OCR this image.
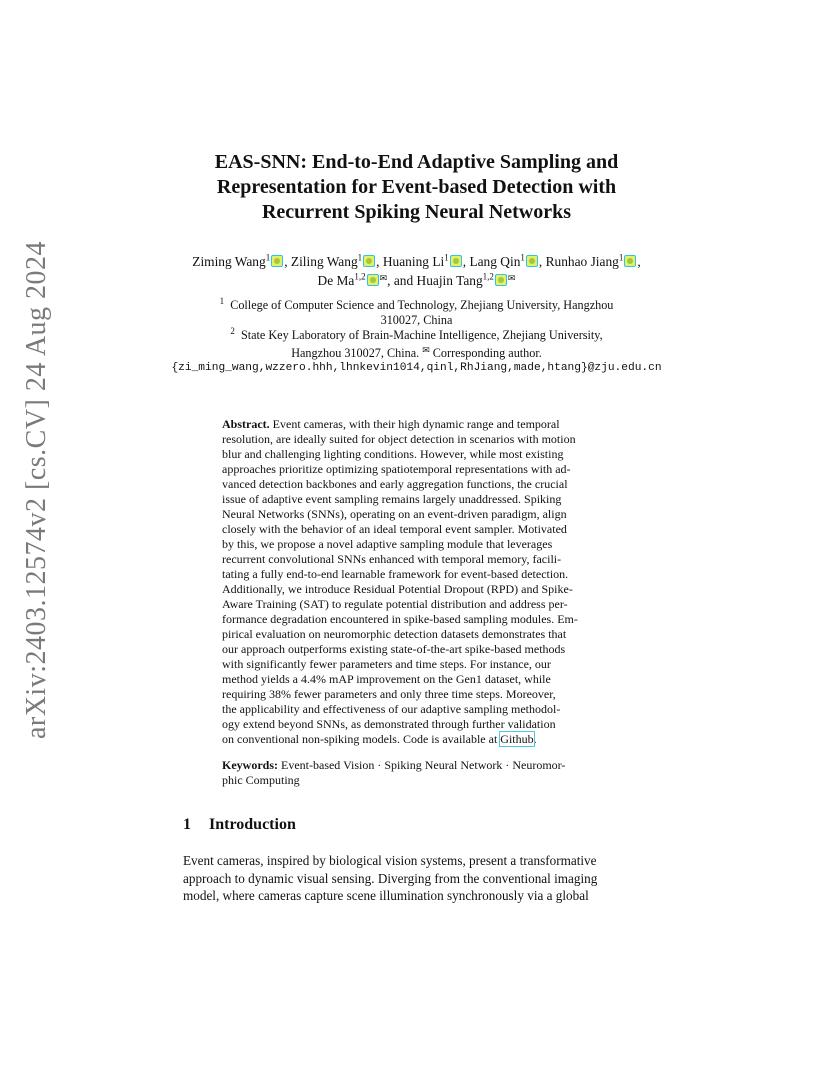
arXiv:2403.12574v2 [cs.CV] 24 Aug 2024
EAS-SNN: End-to-End Adaptive Sampling and
Representation for Event-based Detection with
Recurrent Spiking Neural Networks
Ziming Wang$^1$ , Ziling Wang$^1$ , Huaning Li$^1$ , Lang Qin$^1$ , Runhao Jiang$^1$ ,
De Ma$^{1,2}$ ✉, and Huajin Tang$^{1,2}$ ✉
$^1$ College of Computer Science and Technology, Zhejiang University, Hangzhou
310027, China
$^2$ State Key Laboratory of Brain-Machine Intelligence, Zhejiang University,
Hangzhou 310027, China. ✉ Corresponding author.
{zi_ming_wang,wzzero.hhh,lhnkevin1014,qinl,RhJiang,made,htang}@zju.edu.cn
Abstract. Event cameras, with their high dynamic range and temporal
resolution, are ideally suited for object detection in scenarios with motion
blur and challenging lighting conditions. However, while most existing
approaches prioritize optimizing spatiotemporal representations with ad-
vanced detection backbones and early aggregation functions, the crucial
issue of adaptive event sampling remains largely unaddressed. Spiking
Neural Networks (SNNs), operating on an event-driven paradigm, align
closely with the behavior of an ideal temporal event sampler. Motivated
by this, we propose a novel adaptive sampling module that leverages
recurrent convolutional SNNs enhanced with temporal memory, facili-
tating a fully end-to-end learnable framework for event-based detection.
Additionally, we introduce Residual Potential Dropout (RPD) and Spike-
Aware Training (SAT) to regulate potential distribution and address per-
formance degradation encountered in spike-based sampling modules. Em-
pirical evaluation on neuromorphic detection datasets demonstrates that
our approach outperforms existing state-of-the-art spike-based methods
with significantly fewer parameters and time steps. For instance, our
method yields a 4.4% mAP improvement on the Gen1 dataset, while
requiring 38% fewer parameters and only three time steps. Moreover,
the applicability and effectiveness of our adaptive sampling methodol-
ogy extend beyond SNNs, as demonstrated through further validation
on conventional non-spiking models. Code is available at Github.
Keywords: Event-based Vision · Spiking Neural Network · Neuromor-
phic Computing
1 Introduction
Event cameras, inspired by biological vision systems, present a transformative
approach to dynamic visual sensing. Diverging from the conventional imaging
model, where cameras capture scene illumination synchronously via a global
